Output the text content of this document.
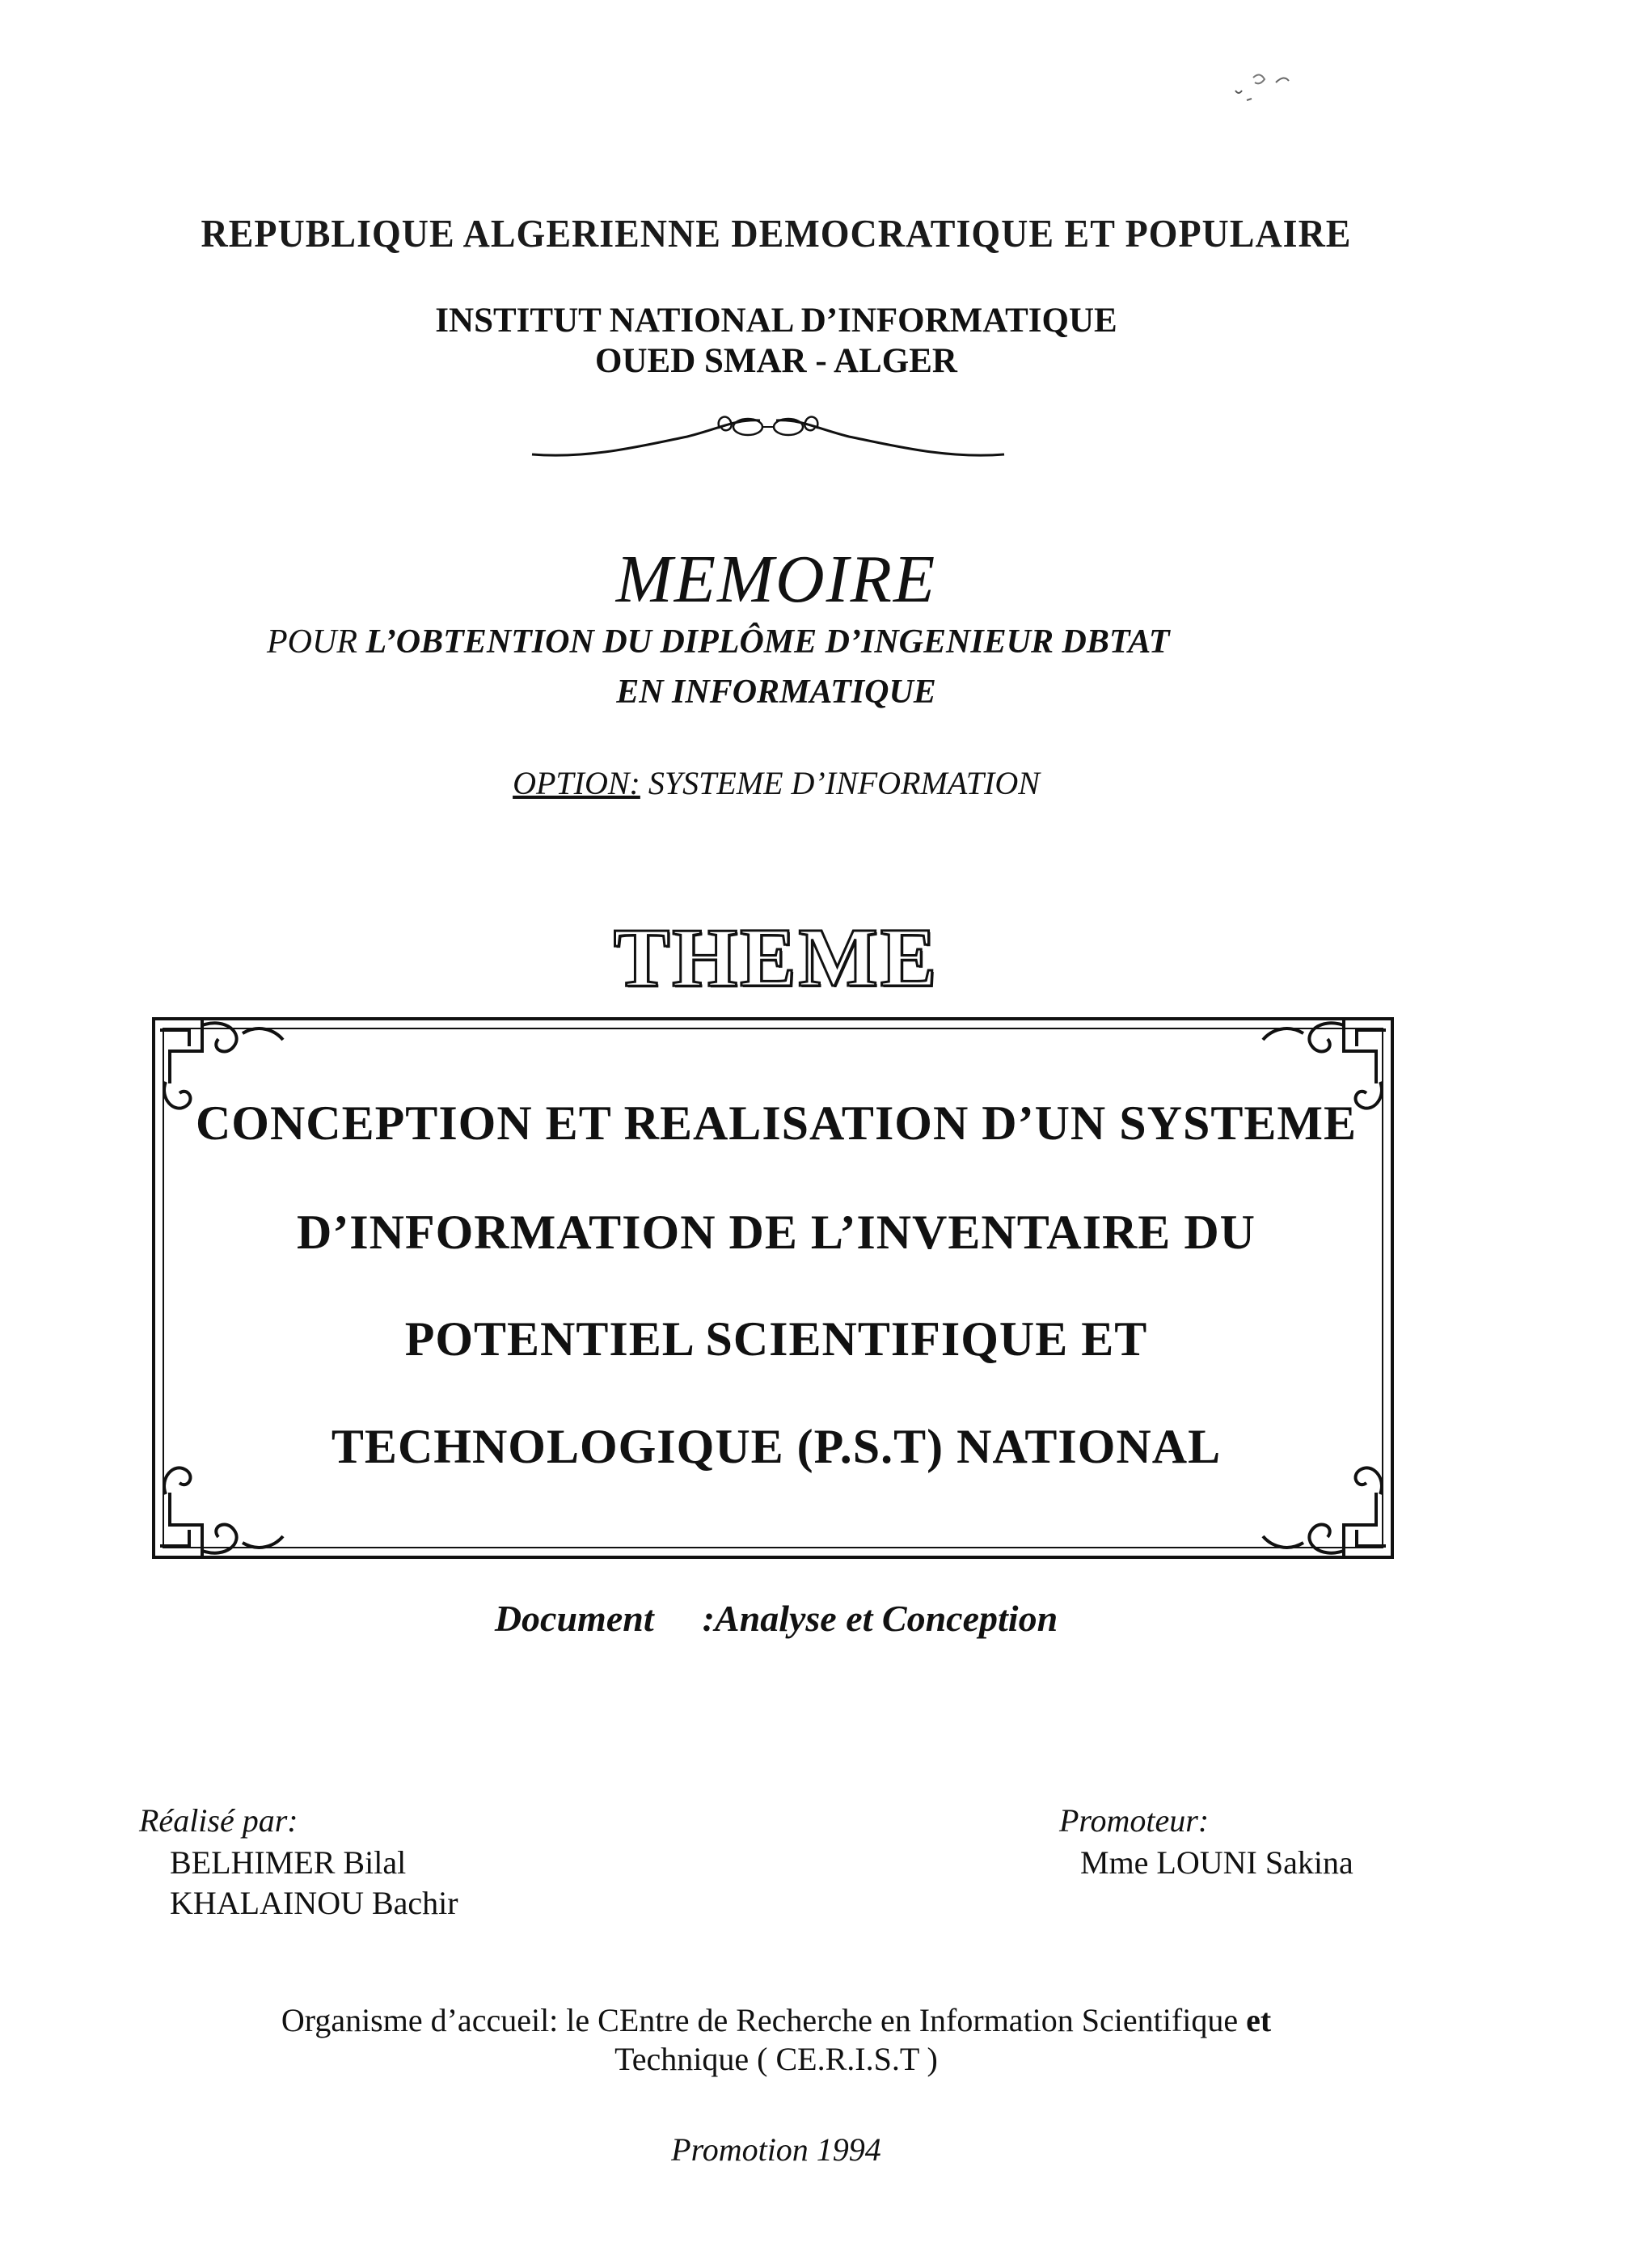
REPUBLIQUE ALGERIENNE DEMOCRATIQUE ET POPULAIRE
INSTITUT NATIONAL D’INFORMATIQUE
OUED SMAR - ALGER
MEMOIRE
POUR L’OBTENTION DU DIPLÔME D’INGENIEUR DBTAT
EN INFORMATIQUE
OPTION: SYSTEME D’INFORMATION
THEME
CONCEPTION ET REALISATION D’UN SYSTEME
D’INFORMATION DE L’INVENTAIRE DU
POTENTIEL SCIENTIFIQUE ET
TECHNOLOGIQUE (P.S.T) NATIONAL
Document :Analyse et Conception
Réalisé par:
BELHIMER Bilal
KHALAINOU Bachir
Promoteur:
Mme LOUNI Sakina
Organisme d’accueil: le CEntre de Recherche en Information Scientifique et
Technique ( CE.R.I.S.T )
Promotion 1994
